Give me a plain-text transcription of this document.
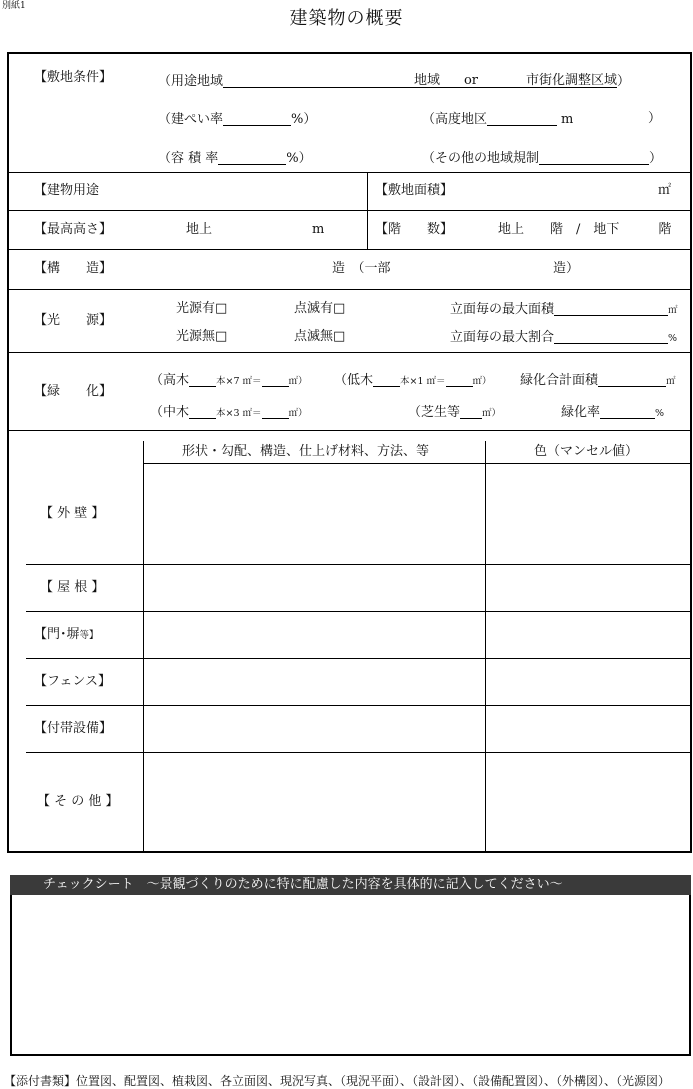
別紙1
建築物の概要
【敷地条件】	（用途地域	地域 or	市街化調整区域）
（建ぺい率	%）	（高度地区	m	）
（容 積 率	%）	（その他の地域規制	）
【建物用途	【敷地面積】	㎡
【最高高さ】	地上	m	【階　　数】	地上　　階　/　地下　　　階
【構　　造】	造　（一部	造）
【光　　源】
光源有□	点滅有□	立面毎の最大面積	㎡
光源無□	点滅無□	立面毎の最大割合	%
【緑　　化】
（高木	本×7 ㎡＝	㎡） （低木	本×1 ㎡＝	㎡） 緑化合計面積	㎡
（中木	本×3 ㎡＝	㎡）	（芝生等 ㎡）	緑化率	%
形状・勾配、構造、仕上げ材料、方法、等	色（マンセル値）
【 外 壁 】
【 屋 根 】
【門･塀等】
【フェンス】
【付帯設備】
【 そ の 他 】
チェックシート　～景観づくりのために特に配慮した内容を具体的に記入してください～
【添付書類】位置図、配置図、植栽図、各立面図、現況写真、（現況平面）、（設計図）、（設備配置図）、（外構図）、（光源図）
